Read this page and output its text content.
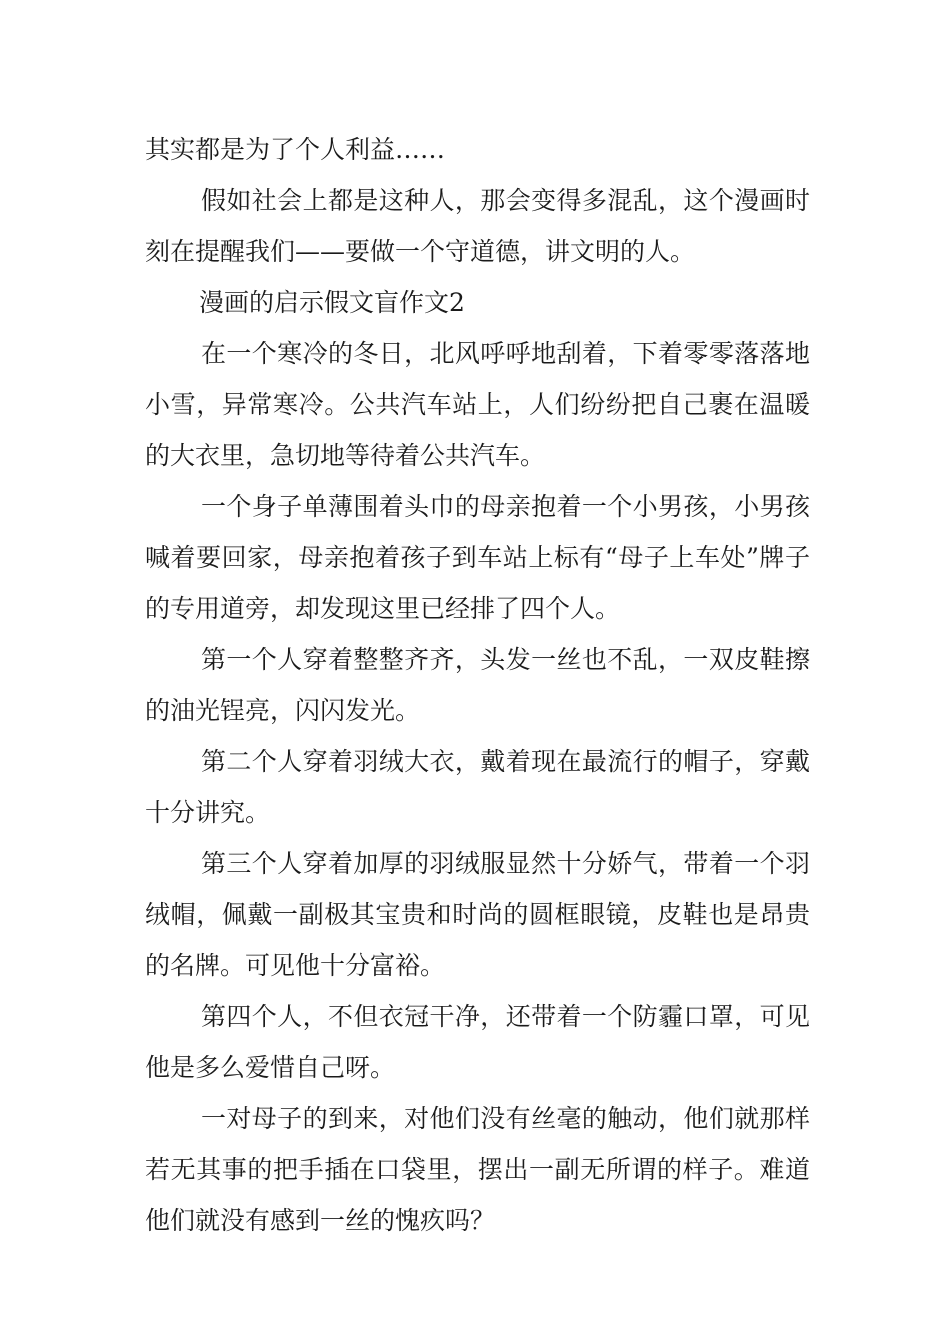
其实都是为了个人利益……

假如社会上都是这种人，那会变得多混乱，这个漫画时刻在提醒我们——要做一个守道德，讲文明的人。

漫画的启示假文盲作文2

在一个寒冷的冬日，北风呼呼地刮着，下着零零落落地小雪，异常寒冷。公共汽车站上，人们纷纷把自己裹在温暖的大衣里，急切地等待着公共汽车。

一个身子单薄围着头巾的母亲抱着一个小男孩，小男孩喊着要回家，母亲抱着孩子到车站上标有“母子上车处”牌子的专用道旁，却发现这里已经排了四个人。

第一个人穿着整整齐齐，头发一丝也不乱，一双皮鞋擦的油光锃亮，闪闪发光。

第二个人穿着羽绒大衣，戴着现在最流行的帽子，穿戴十分讲究。

第三个人穿着加厚的羽绒服显然十分娇气，带着一个羽绒帽，佩戴一副极其宝贵和时尚的圆框眼镜，皮鞋也是昂贵的名牌。可见他十分富裕。

第四个人，不但衣冠干净，还带着一个防霾口罩，可见他是多么爱惜自己呀。

一对母子的到来，对他们没有丝毫的触动，他们就那样若无其事的把手插在口袋里，摆出一副无所谓的样子。难道他们就没有感到一丝的愧疚吗？
